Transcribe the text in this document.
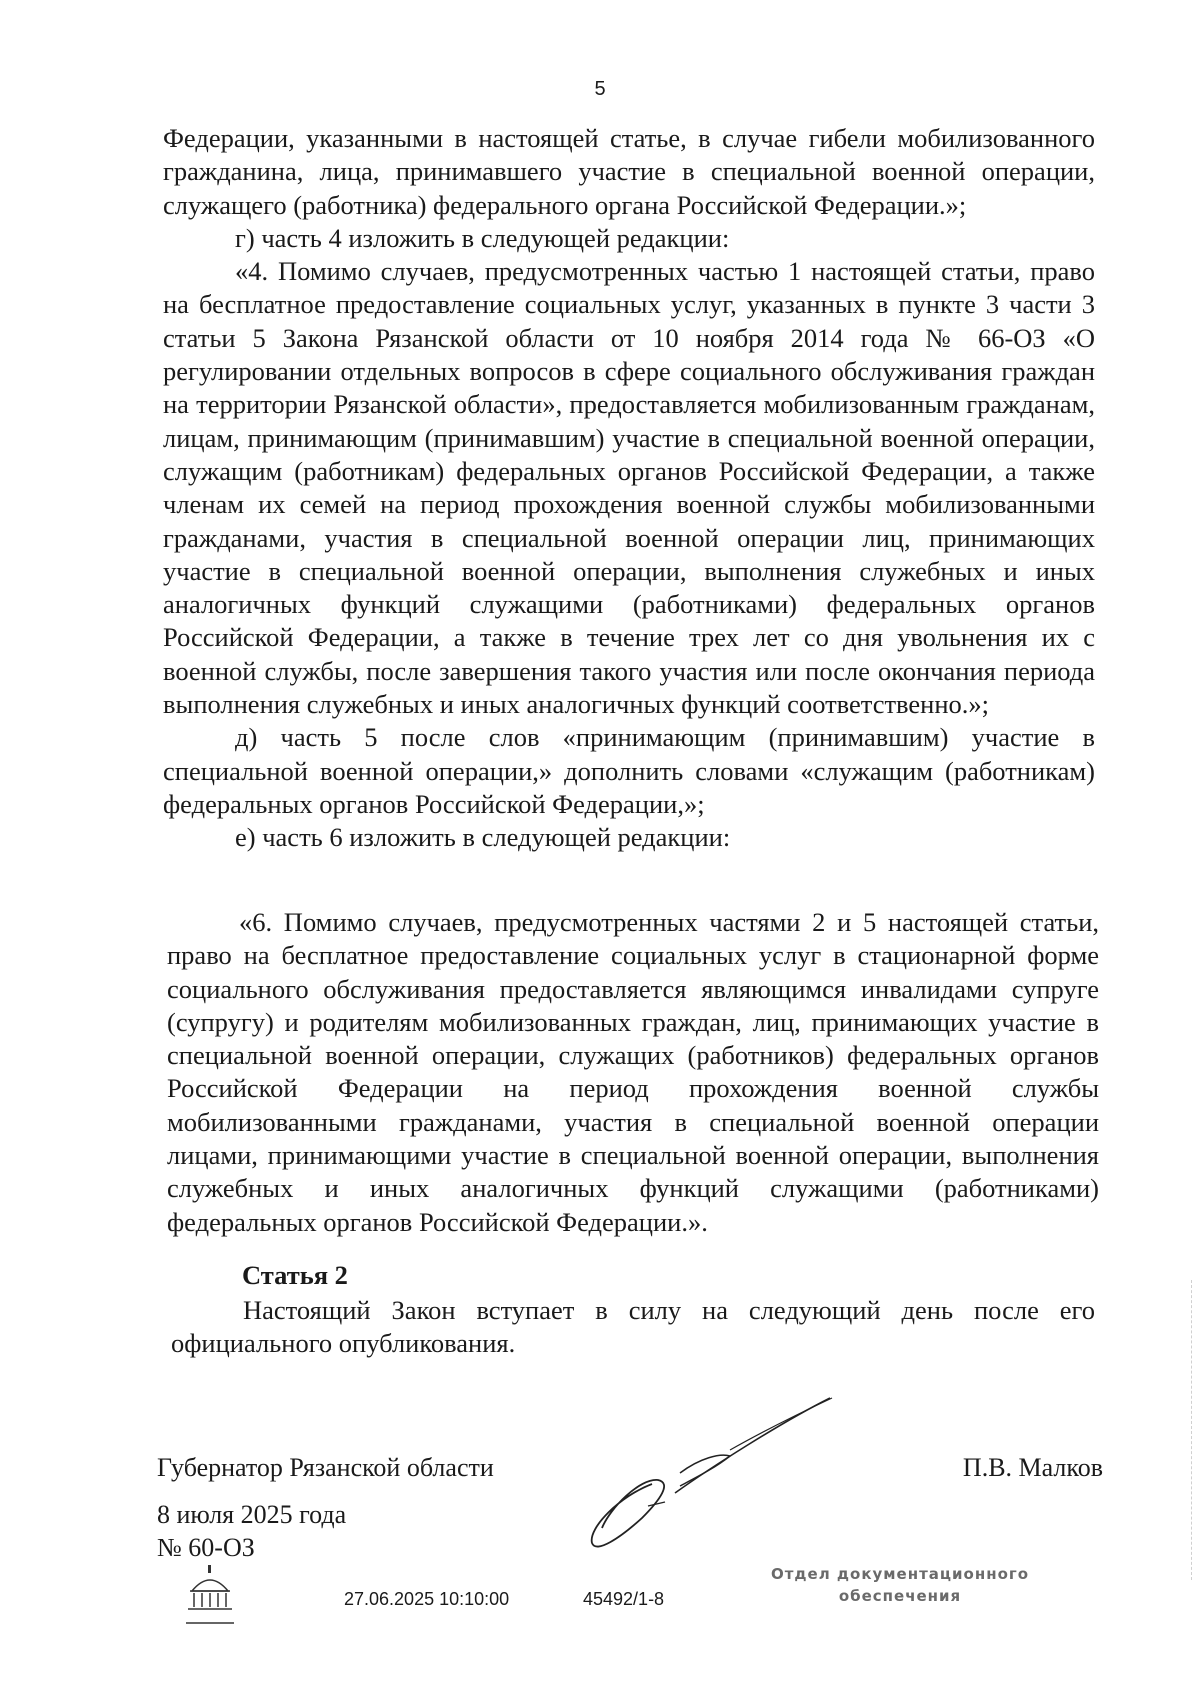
5

Федерации, указанными в настоящей статье, в случае гибели мобилизованного гражданина, лица, принимавшего участие в специальной военной операции, служащего (работника) федерального органа Российской Федерации.»;

г) часть 4 изложить в следующей редакции:

«4. Помимо случаев, предусмотренных частью 1 настоящей статьи, право на бесплатное предоставление социальных услуг, указанных в пункте 3 части 3 статьи 5 Закона Рязанской области от 10 ноября 2014 года № 66-ОЗ «О регулировании отдельных вопросов в сфере социального обслуживания граждан на территории Рязанской области», предоставляется мобилизованным гражданам, лицам, принимающим (принимавшим) участие в специальной военной операции, служащим (работникам) федеральных органов Российской Федерации, а также членам их семей на период прохождения военной службы мобилизованными гражданами, участия в специальной военной операции лиц, принимающих участие в специальной военной операции, выполнения служебных и иных аналогичных функций служащими (работниками) федеральных органов Российской Федерации, а также в течение трех лет со дня увольнения их с военной службы, после завершения такого участия или после окончания периода выполнения служебных и иных аналогичных функций соответственно.»;

д) часть 5 после слов «принимающим (принимавшим) участие в специальной военной операции,» дополнить словами «служащим (работникам) федеральных органов Российской Федерации,»;

е) часть 6 изложить в следующей редакции:

«6. Помимо случаев, предусмотренных частями 2 и 5 настоящей статьи, право на бесплатное предоставление социальных услуг в стационарной форме социального обслуживания предоставляется являющимся инвалидами супруге (супругу) и родителям мобилизованных граждан, лиц, принимающих участие в специальной военной операции, служащих (работников) федеральных органов Российской Федерации на период прохождения военной службы мобилизованными гражданами, участия в специальной военной операции лицами, принимающими участие в специальной военной операции, выполнения служебных и иных аналогичных функций служащими (работниками) федеральных органов Российской Федерации.».

Статья 2

Настоящий Закон вступает в силу на следующий день после его официального опубликования.

Губернатор Рязанской области	П.В. Малков
8 июля 2025 года
№ 60-ОЗ
27.06.2025 10:10:00	45492/1-8
Отдел документационного
обеспечения
